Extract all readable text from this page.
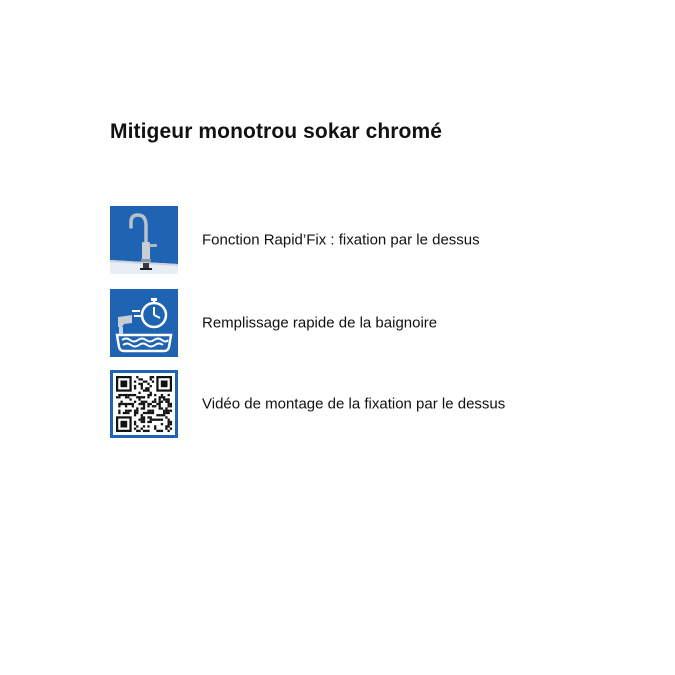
Mitigeur monotrou sokar chromé
Fonction Rapid’Fix : fixation par le dessus
Remplissage rapide de la baignoire
Vidéo de montage de la fixation par le dessus
